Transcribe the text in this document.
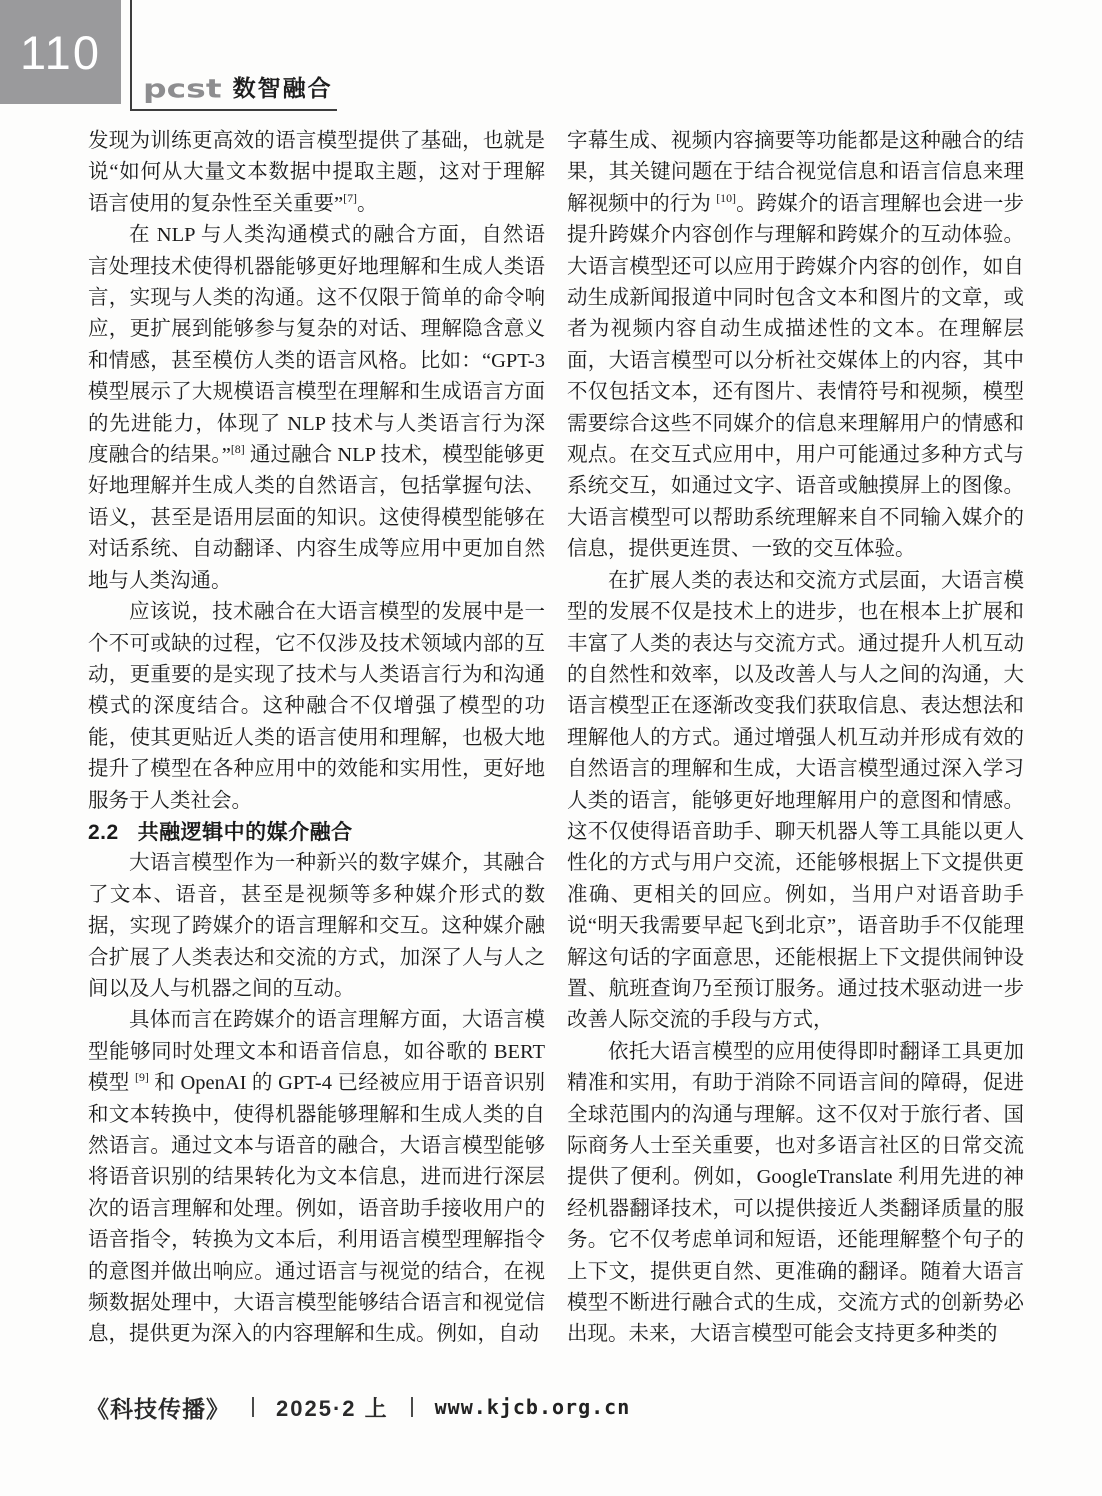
110
pcst 数智融合

发现为训练更高效的语言模型提供了基础，也就是说“如何从大量文本数据中提取主题，这对于理解语言使用的复杂性至关重要”[7]。

在 NLP 与人类沟通模式的融合方面，自然语言处理技术使得机器能够更好地理解和生成人类语言，实现与人类的沟通。这不仅限于简单的命令响应，更扩展到能够参与复杂的对话、理解隐含意义和情感，甚至模仿人类的语言风格。比如：“GPT-3 模型展示了大规模语言模型在理解和生成语言方面的先进能力，体现了 NLP 技术与人类语言行为深度融合的结果。”[8] 通过融合 NLP 技术，模型能够更好地理解并生成人类的自然语言，包括掌握句法、语义，甚至是语用层面的知识。这使得模型能够在对话系统、自动翻译、内容生成等应用中更加自然地与人类沟通。

应该说，技术融合在大语言模型的发展中是一个不可或缺的过程，它不仅涉及技术领域内部的互动，更重要的是实现了技术与人类语言行为和沟通模式的深度结合。这种融合不仅增强了模型的功能，使其更贴近人类的语言使用和理解，也极大地提升了模型在各种应用中的效能和实用性，更好地服务于人类社会。

2.2 共融逻辑中的媒介融合

大语言模型作为一种新兴的数字媒介，其融合了文本、语音，甚至是视频等多种媒介形式的数据，实现了跨媒介的语言理解和交互。这种媒介融合扩展了人类表达和交流的方式，加深了人与人之间以及人与机器之间的互动。

具体而言在跨媒介的语言理解方面，大语言模型能够同时处理文本和语音信息，如谷歌的 BERT 模型 [9] 和 OpenAI 的 GPT-4 已经被应用于语音识别和文本转换中，使得机器能够理解和生成人类的自然语言。通过文本与语音的融合，大语言模型能够将语音识别的结果转化为文本信息，进而进行深层次的语言理解和处理。例如，语音助手接收用户的语音指令，转换为文本后，利用语言模型理解指令的意图并做出响应。通过语言与视觉的结合，在视频数据处理中，大语言模型能够结合语言和视觉信息，提供更为深入的内容理解和生成。例如，自动

字幕生成、视频内容摘要等功能都是这种融合的结果，其关键问题在于结合视觉信息和语言信息来理解视频中的行为 [10]。跨媒介的语言理解也会进一步提升跨媒介内容创作与理解和跨媒介的互动体验。大语言模型还可以应用于跨媒介内容的创作，如自动生成新闻报道中同时包含文本和图片的文章，或者为视频内容自动生成描述性的文本。在理解层面，大语言模型可以分析社交媒体上的内容，其中不仅包括文本，还有图片、表情符号和视频，模型需要综合这些不同媒介的信息来理解用户的情感和观点。在交互式应用中，用户可能通过多种方式与系统交互，如通过文字、语音或触摸屏上的图像。大语言模型可以帮助系统理解来自不同输入媒介的信息，提供更连贯、一致的交互体验。

在扩展人类的表达和交流方式层面，大语言模型的发展不仅是技术上的进步，也在根本上扩展和丰富了人类的表达与交流方式。通过提升人机互动的自然性和效率，以及改善人与人之间的沟通，大语言模型正在逐渐改变我们获取信息、表达想法和理解他人的方式。通过增强人机互动并形成有效的自然语言的理解和生成，大语言模型通过深入学习人类的语言，能够更好地理解用户的意图和情感。这不仅使得语音助手、聊天机器人等工具能以更人性化的方式与用户交流，还能够根据上下文提供更准确、更相关的回应。例如，当用户对语音助手说“明天我需要早起飞到北京”，语音助手不仅能理解这句话的字面意思，还能根据上下文提供闹钟设置、航班查询乃至预订服务。通过技术驱动进一步改善人际交流的手段与方式，

依托大语言模型的应用使得即时翻译工具更加精准和实用，有助于消除不同语言间的障碍，促进全球范围内的沟通与理解。这不仅对于旅行者、国际商务人士至关重要，也对多语言社区的日常交流提供了便利。例如，GoogleTranslate 利用先进的神经机器翻译技术，可以提供接近人类翻译质量的服务。它不仅考虑单词和短语，还能理解整个句子的上下文，提供更自然、更准确的翻译。随着大语言模型不断进行融合式的生成，交流方式的创新势必出现。未来，大语言模型可能会支持更多种类的

《科技传播》 2025·2 上 www.kjcb.org.cn
